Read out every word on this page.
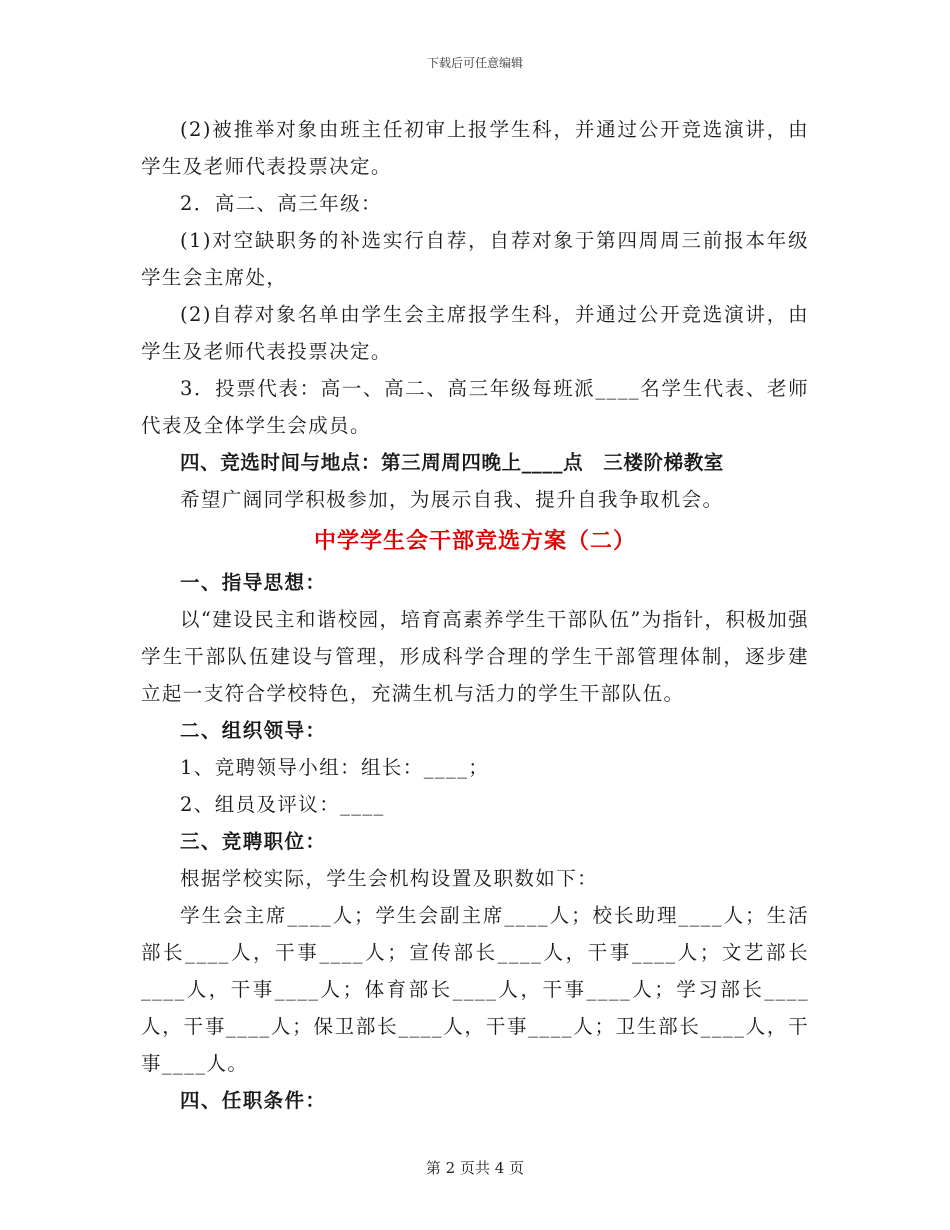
下载后可任意编辑

(2)被推举对象由班主任初审上报学生科，并通过公开竞选演讲，由学生及老师代表投票决定。

2．高二、高三年级：

(1)对空缺职务的补选实行自荐，自荐对象于第四周周三前报本年级学生会主席处，

(2)自荐对象名单由学生会主席报学生科，并通过公开竞选演讲，由学生及老师代表投票决定。

3．投票代表：高一、高二、高三年级每班派____名学生代表、老师代表及全体学生会成员。

四、竞选时间与地点：第三周周四晚上____点　三楼阶梯教室

希望广阔同学积极参加，为展示自我、提升自我争取机会。

中学学生会干部竞选方案（二）

一、指导思想：

以“建设民主和谐校园，培育高素养学生干部队伍”为指针，积极加强学生干部队伍建设与管理，形成科学合理的学生干部管理体制，逐步建立起一支符合学校特色，充满生机与活力的学生干部队伍。

二、组织领导：

1、竞聘领导小组：组长：____；

2、组员及评议：____

三、竞聘职位：

根据学校实际，学生会机构设置及职数如下：

学生会主席____人；学生会副主席____人；校长助理____人；生活部长____人，干事____人；宣传部长____人，干事____人；文艺部长____人，干事____人；体育部长____人，干事____人；学习部长____人，干事____人；保卫部长____人，干事____人；卫生部长____人，干事____人。

四、任职条件：

第 2 页共 4 页
